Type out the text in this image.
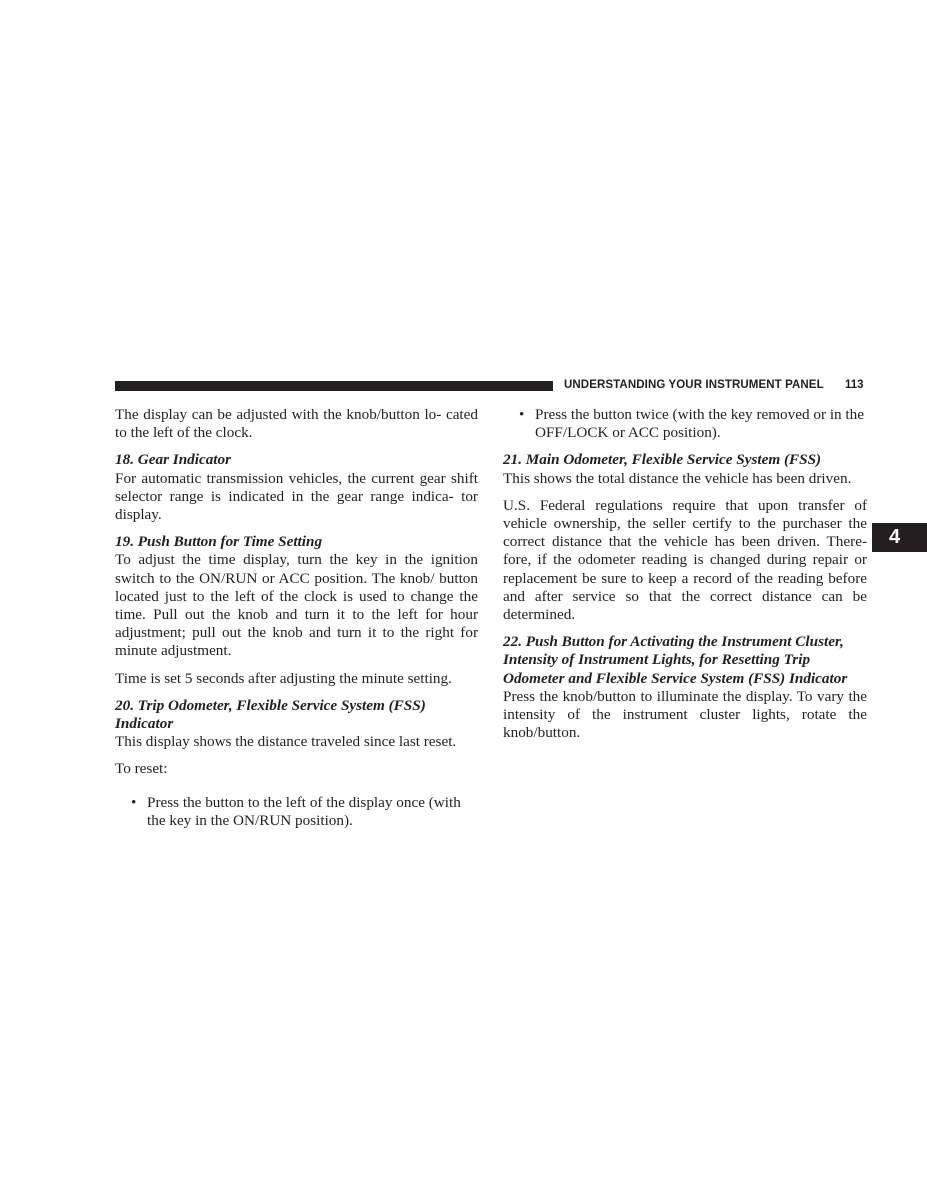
UNDERSTANDING YOUR INSTRUMENT PANEL 113
4

The display can be adjusted with the knob/button lo- cated to the left of the clock.

18. Gear Indicator

For automatic transmission vehicles, the current gear shift selector range is indicated in the gear range indica- tor display.

19. Push Button for Time Setting

To adjust the time display, turn the key in the ignition switch to the ON/RUN or ACC position. The knob/ button located just to the left of the clock is used to change the time. Pull out the knob and turn it to the left for hour adjustment; pull out the knob and turn it to the right for minute adjustment.

Time is set 5 seconds after adjusting the minute setting.

20. Trip Odometer, Flexible Service System (FSS) Indicator

This display shows the distance traveled since last reset.

To reset:

• Press the button to the left of the display once (with the key in the ON/RUN position).
• Press the button twice (with the key removed or in the OFF/LOCK or ACC position).

21. Main Odometer, Flexible Service System (FSS)

This shows the total distance the vehicle has been driven.

U.S. Federal regulations require that upon transfer of vehicle ownership, the seller certify to the purchaser the correct distance that the vehicle has been driven. There- fore, if the odometer reading is changed during repair or replacement be sure to keep a record of the reading before and after service so that the correct distance can be determined.

22. Push Button for Activating the Instrument Cluster, Intensity of Instrument Lights, for Resetting Trip Odometer and Flexible Service System (FSS) Indicator

Press the knob/button to illuminate the display. To vary the intensity of the instrument cluster lights, rotate the knob/button.
